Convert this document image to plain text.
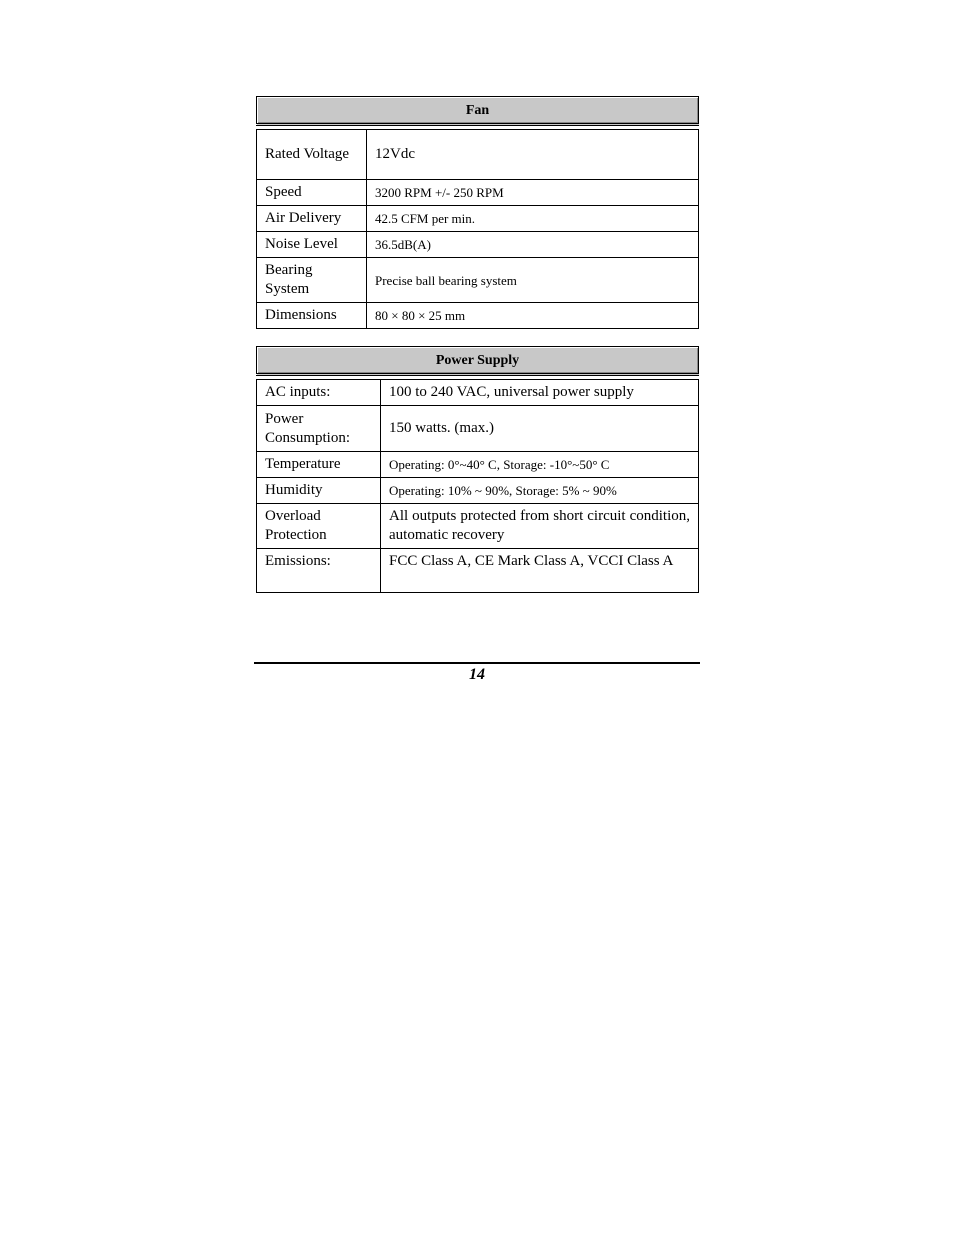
Fan	

Rated Voltage	12Vdc
Speed	3200 RPM +/- 250 RPM
Air Delivery	42.5 CFM per min.
Noise Level	36.5dB(A)
Bearing System	Precise ball bearing system
Dimensions	80 × 80 × 25 mm
Power Supply	

AC inputs:	100 to 240 VAC, universal power supply
Power Consumption:	150 watts. (max.)
Temperature	Operating: 0°~40° C, Storage: -10°~50° C
Humidity	Operating: 10% ~ 90%, Storage: 5% ~ 90%
Overload Protection	All outputs protected from short circuit condition, automatic recovery
Emissions:	FCC Class A, CE Mark Class A, VCCI Class A
14
